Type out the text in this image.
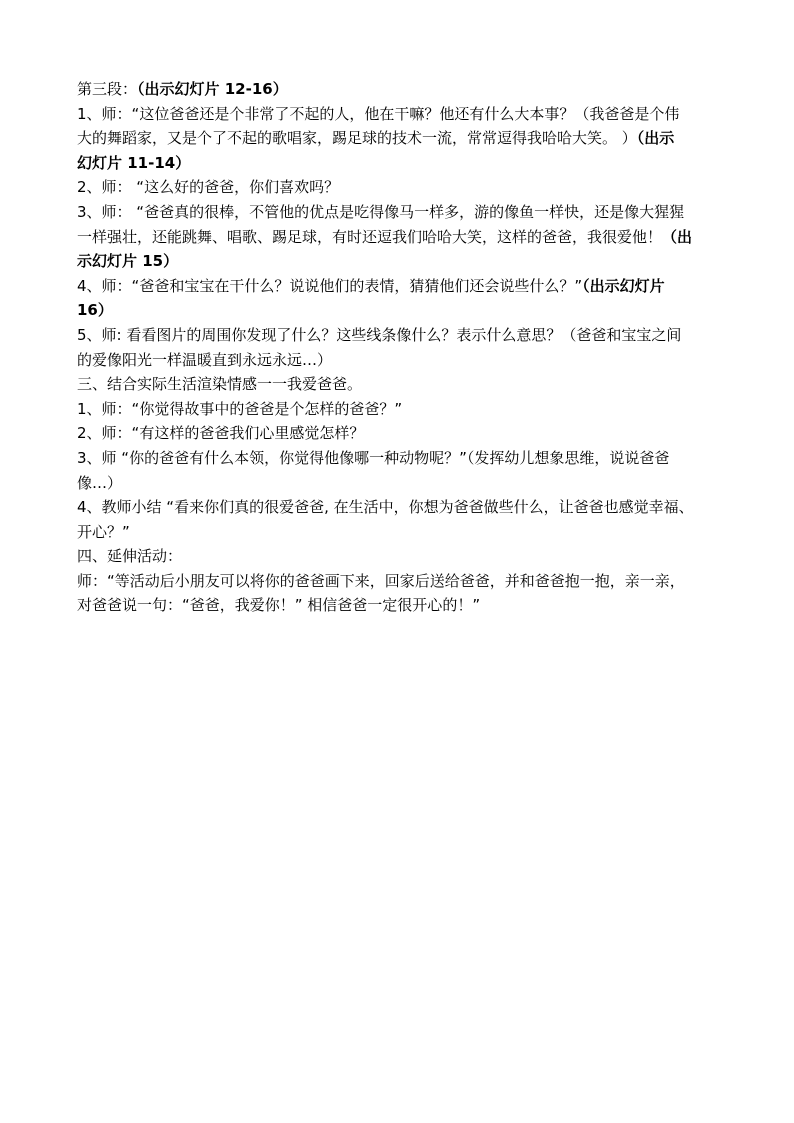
第三段：（出示幻灯片 12-16）
1、师：“这位爸爸还是个非常了不起的人，他在干嘛？他还有什么大本事？（我爸爸是个伟
大的舞蹈家，又是个了不起的歌唱家，踢足球的技术一流，常常逗得我哈哈大笑。 ）（出示
幻灯片 11-14）
2、师： “这么好的爸爸，你们喜欢吗？
3、师： “爸爸真的很棒，不管他的优点是吃得像马一样多，游的像鱼一样快，还是像大猩猩
一样强壮，还能跳舞、唱歌、踢足球，有时还逗我们哈哈大笑，这样的爸爸，我很爱他！（出
示幻灯片 15）
4、师：“爸爸和宝宝在干什么？说说他们的表情，猜猜他们还会说些什么？”（出示幻灯片
16）
5、师: 看看图片的周围你发现了什么？这些线条像什么？表示什么意思？（爸爸和宝宝之间
的爱像阳光一样温暖直到永远永远…）
三、结合实际生活渲染情感一一我爱爸爸。
1、师：“你觉得故事中的爸爸是个怎样的爸爸？”
2、师：“有这样的爸爸我们心里感觉怎样？
3、师 “你的爸爸有什么本领，你觉得他像哪一种动物呢？”（发挥幼儿想象思维，说说爸爸
像…）
4、教师小结 “看来你们真的很爱爸爸, 在生活中，你想为爸爸做些什么，让爸爸也感觉幸福、
开心？”
四、延伸活动：
师：“等活动后小朋友可以将你的爸爸画下来，回家后送给爸爸，并和爸爸抱一抱，亲一亲，
对爸爸说一句：“爸爸，我爱你！” 相信爸爸一定很开心的！”
